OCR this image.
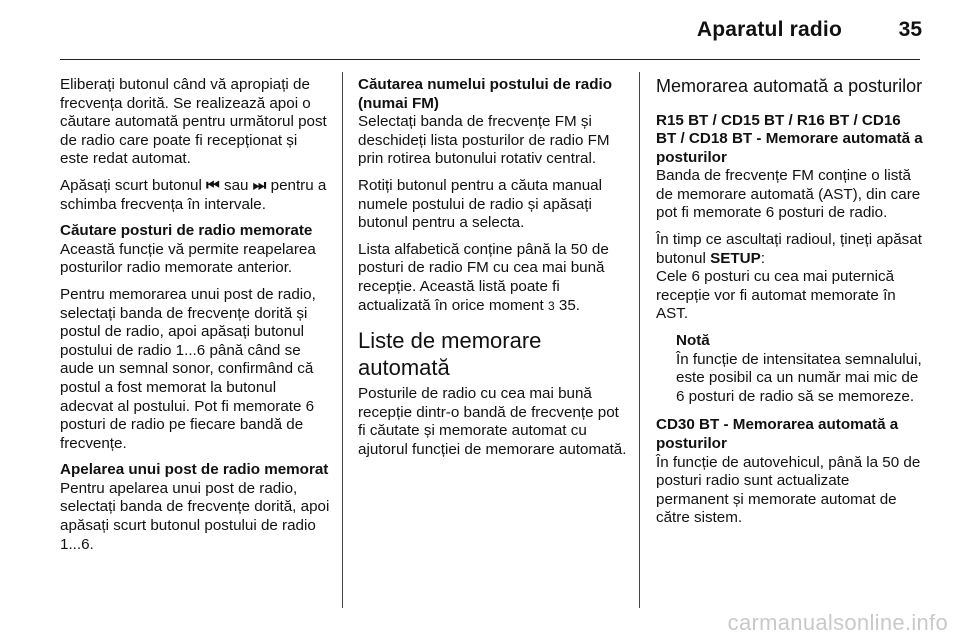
Aparatul radio	35

Eliberați butonul când vă apropiați de frecvența dorită. Se realizează apoi o căutare automată pentru următorul post de radio care poate fi recepționat și este redat automat.

Apăsați scurt butonul ⏮ sau ⏭ pentru a schimba frecvența în intervale.

Căutare posturi de radio memorate

Această funcție vă permite reapelarea posturilor radio memorate anterior.

Pentru memorarea unui post de radio, selectați banda de frecvențe dorită și postul de radio, apoi apăsați butonul postului de radio 1...6 până când se aude un semnal sonor, confirmând că postul a fost memorat la butonul adecvat al postului. Pot fi memorate 6 posturi de radio pe fiecare bandă de frecvențe.

Apelarea unui post de radio memorat

Pentru apelarea unui post de radio, selectați banda de frecvențe dorită, apoi apăsați scurt butonul postului de radio 1...6.

Căutarea numelui postului de radio (numai FM)

Selectați banda de frecvențe FM și deschideți lista posturilor de radio FM prin rotirea butonului rotativ central.

Rotiți butonul pentru a căuta manual numele postului de radio și apăsați butonul pentru a selecta.

Lista alfabetică conține până la 50 de posturi de radio FM cu cea mai bună recepție. Această listă poate fi actualizată în orice moment 3 35.

Liste de memorare automată

Posturile de radio cu cea mai bună recepție dintr-o bandă de frecvențe pot fi căutate și memorate automat cu ajutorul funcției de memorare automată.

Memorarea automată a posturilor

R15 BT / CD15 BT / R16 BT / CD16 BT / CD18 BT - Memorare automată a posturilor

Banda de frecvențe FM conține o listă de memorare automată (AST), din care pot fi memorate 6 posturi de radio.

În timp ce ascultați radioul, țineți apăsat butonul SETUP:
Cele 6 posturi cu cea mai puternică recepție vor fi automat memorate în AST.

Notă
În funcție de intensitatea semnalului, este posibil ca un număr mai mic de 6 posturi de radio să se memoreze.

CD30 BT - Memorarea automată a posturilor

În funcție de autovehicul, până la 50 de posturi radio sunt actualizate permanent și memorate automat de către sistem.

carmanualsonline.info
